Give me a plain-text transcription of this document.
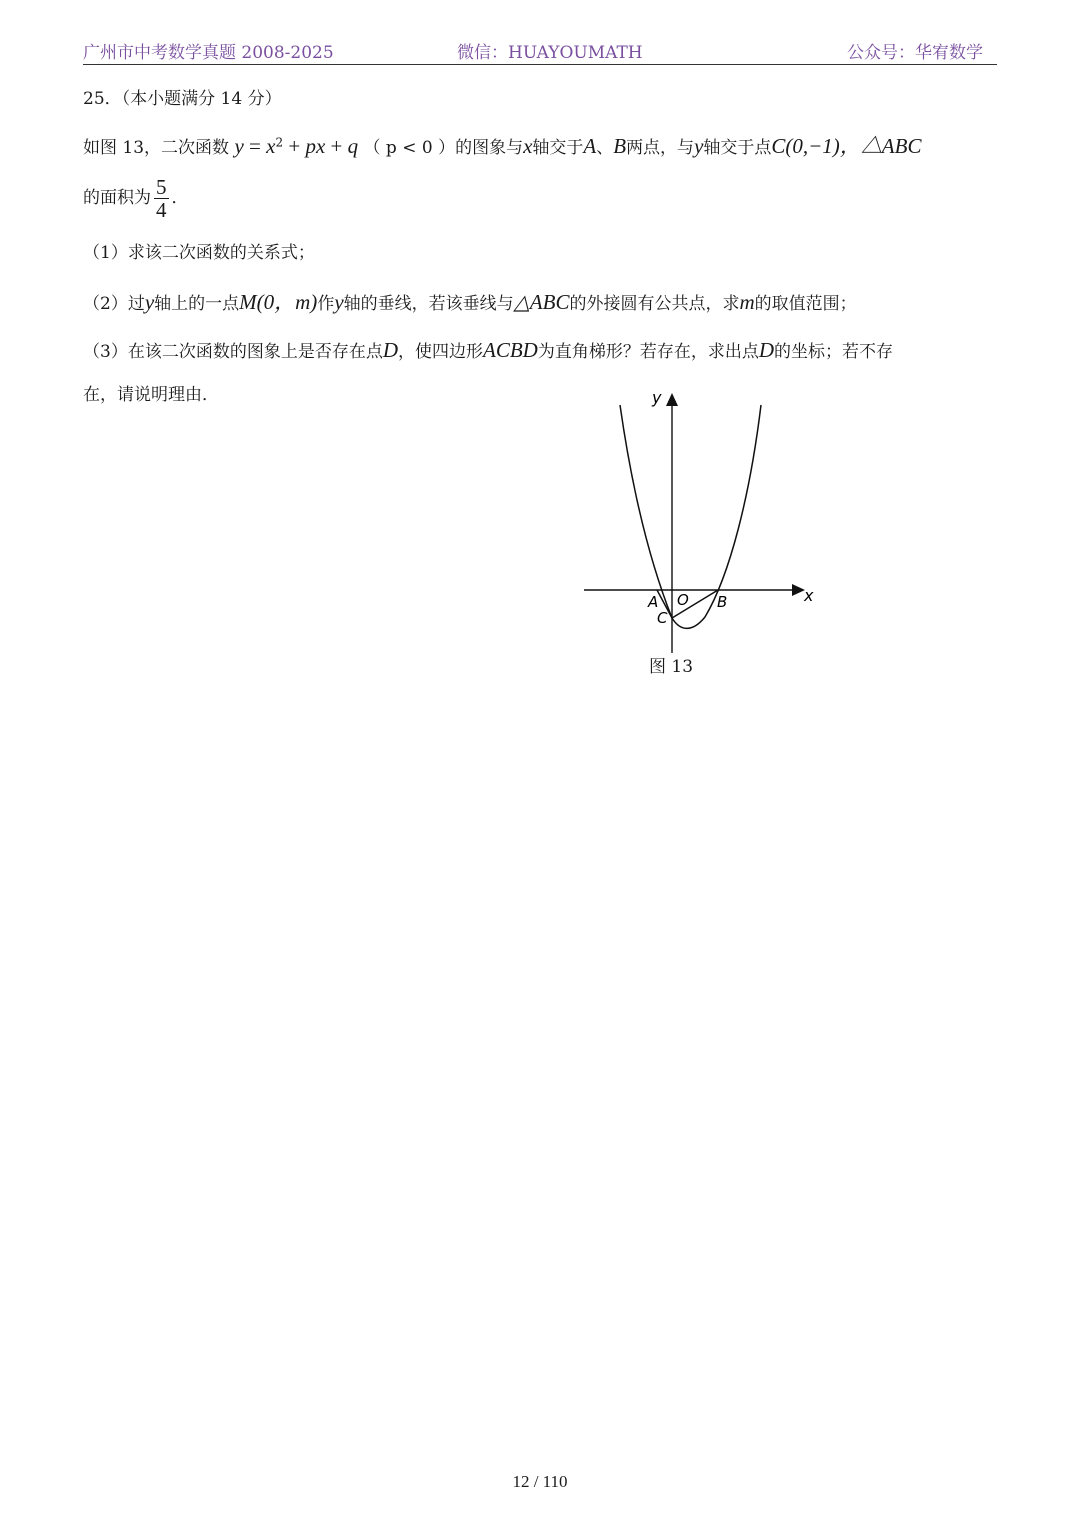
广州市中考数学真题 2008-2025	微信：HUAYOUMATH	公众号：华宥数学
25．（本小题满分 14 分）
如图 13，二次函数 $y = x^2$ + px + q （ p < 0 ）的图象与x轴交于A、B两点，与y轴交于点C(0,−1)，△ABC
的面积为 $\frac{5}{4}$ ．
（1）求该二次函数的关系式；
（2）过y轴上的一点M(0，m)作y轴的垂线，若该垂线与△ABC的外接圆有公共点，求m的取值范围；
（3）在该二次函数的图象上是否存在点D，使四边形ACBD为直角梯形？若存在，求出点D的坐标；若不存
在，请说明理由．	y
x
A O B
C
图 13
12 / 110
